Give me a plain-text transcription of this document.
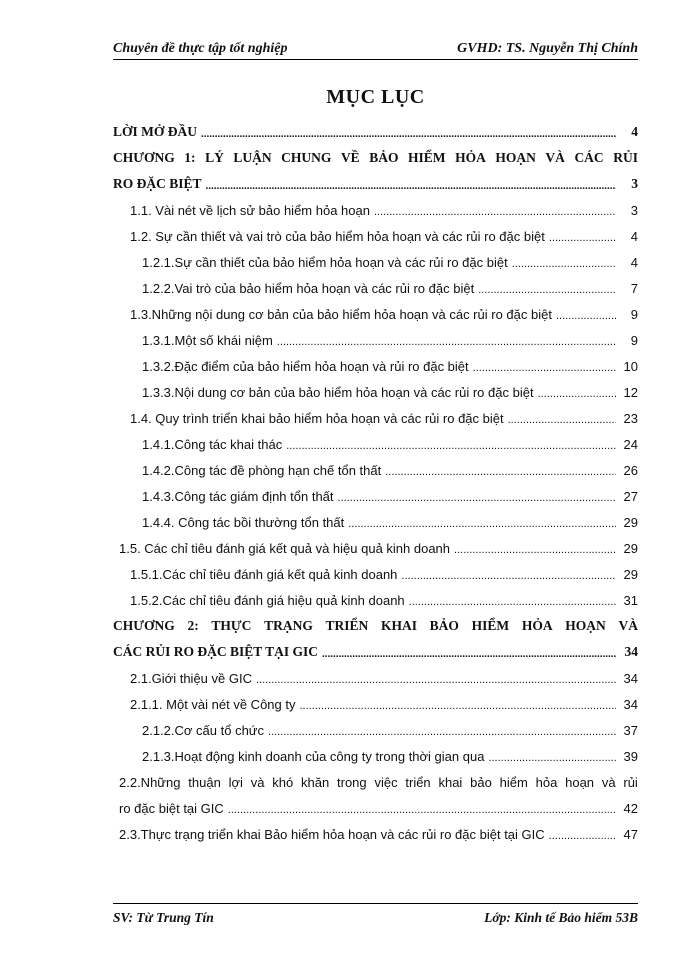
Chuyên đề thực tập tốt nghiệp	GVHD: TS. Nguyễn Thị Chính
MỤC LỤC
LỜI MỞ ĐẦU .....	4
CHƯƠNG 1: LÝ LUẬN CHUNG VỀ BẢO HIỂM HỎA HOẠN VÀ CÁC RỦI
RO ĐẶC BIỆT .....	3
1.1. Vài nét về lịch sử bảo hiểm hỏa hoạn .....	3
1.2. Sự cần thiết và vai trò của bảo hiểm hỏa hoạn và các rủi ro đặc biệt .....	4
1.2.1.Sự cần thiết của bảo hiểm hỏa hoạn và các rủi ro đặc biệt .....	4
1.2.2.Vai trò của bảo hiểm hỏa hoạn và các rủi ro đặc biệt .....	7
1.3.Những nội dung cơ bản của bảo hiểm hỏa hoạn và các rủi ro đặc biệt .....	9
1.3.1.Một số khái niệm .....	9
1.3.2.Đặc điểm của bảo hiểm hỏa hoạn và rủi ro đặc biệt .....	10
1.3.3.Nội dung cơ bản của bảo hiểm hỏa hoạn và các rủi ro đặc biệt .....	12
1.4. Quy trình triển khai bảo hiểm hỏa hoạn và các rủi ro đặc biệt .....	23
1.4.1.Công tác khai thác .....	24
1.4.2.Công tác đề phòng hạn chế tổn thất .....	26
1.4.3.Công tác giám định tổn thất .....	27
1.4.4. Công tác bồi thường tổn thất .....	29
1.5. Các chỉ tiêu đánh giá kết quả và hiệu quả kinh doanh .....	29
1.5.1.Các chỉ tiêu đánh giá kết quả kinh doanh .....	29
1.5.2.Các chỉ tiêu đánh giá hiệu quả kinh doanh .....	31
CHƯƠNG 2: THỰC TRẠNG TRIỂN KHAI BẢO HIỂM HỎA HOẠN VÀ
CÁC RỦI RO ĐẶC BIỆT TẠI GIC .....	34
2.1.Giới thiệu về GIC .....	34
2.1.1. Một vài nét về Công ty .....	34
2.1.2.Cơ cấu tổ chức .....	37
2.1.3.Hoạt động kinh doanh của công ty trong thời gian qua .....	39
2.2.Những thuận lợi và khó khăn trong việc triển khai bảo hiểm hỏa hoạn và rủi
ro đặc biệt tại GIC .....	42
2.3.Thực trạng triển khai Bảo hiểm hỏa hoạn và các rủi ro đặc biệt tại GIC .....	47
SV: Từ Trung Tín	Lớp: Kinh tế Bảo hiểm 53B
